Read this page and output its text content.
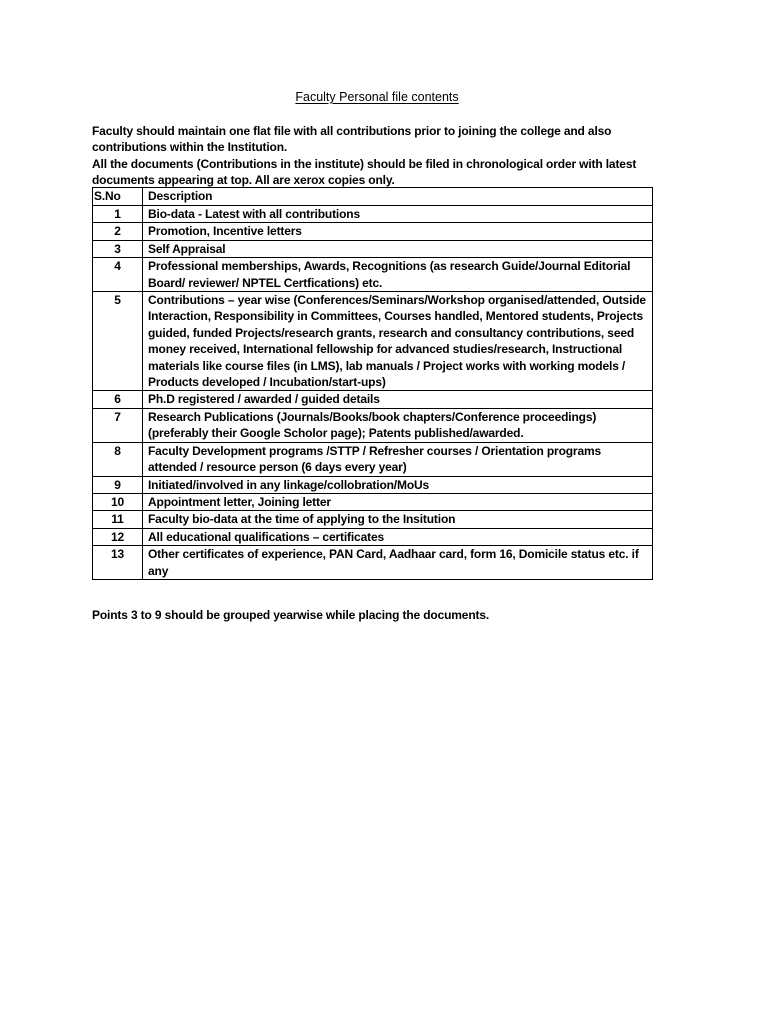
Faculty Personal file contents

Faculty should maintain one flat file with all contributions prior to joining the college and also contributions within the Institution.

All the documents (Contributions in the institute) should be filed in chronological order with latest documents appearing at top. All are xerox copies only.

S.No	Description
1	Bio-data - Latest with all contributions
2	Promotion, Incentive letters
3	Self Appraisal
4	Professional memberships, Awards, Recognitions (as research Guide/Journal Editorial Board/ reviewer/ NPTEL Certfications) etc.
5	Contributions – year wise (Conferences/Seminars/Workshop organised/attended, Outside Interaction, Responsibility in Committees, Courses handled, Mentored students, Projects guided, funded Projects/research grants, research and consultancy contributions, seed money received, International fellowship for advanced studies/research, Instructional materials like course files (in LMS), lab manuals / Project works with working models / Products developed / Incubation/start-ups)
6	Ph.D registered / awarded / guided details
7	Research Publications (Journals/Books/book chapters/Conference proceedings) (preferably their Google Scholor page); Patents published/awarded.
8	Faculty Development programs /STTP / Refresher courses / Orientation programs attended / resource person (6 days every year)
9	Initiated/involved in any linkage/collobration/MoUs
10	Appointment letter, Joining letter
11	Faculty bio-data at the time of applying to the Insitution
12	All educational qualifications – certificates
13	Other certificates of experience, PAN Card, Aadhaar card, form 16, Domicile status etc. if any
Points 3 to 9 should be grouped yearwise while placing the documents.
